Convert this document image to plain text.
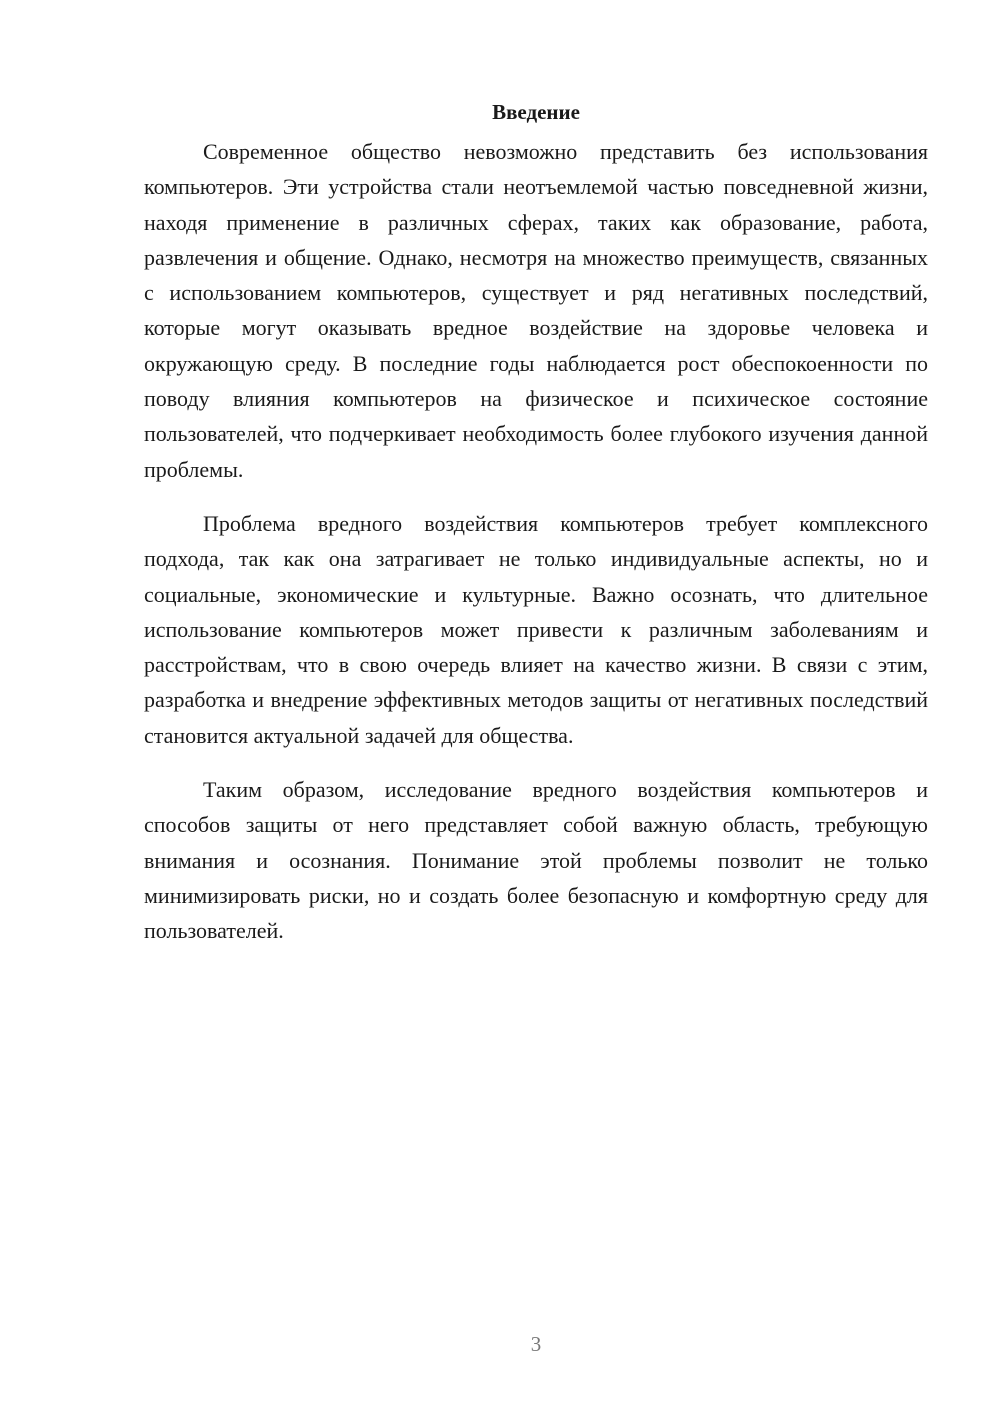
Введение

Современное общество невозможно представить без использования компьютеров. Эти устройства стали неотъемлемой частью повседневной жизни, находя применение в различных сферах, таких как образование, работа, развлечения и общение. Однако, несмотря на множество преимуществ, связанных с использованием компьютеров, существует и ряд негативных последствий, которые могут оказывать вредное воздействие на здоровье человека и окружающую среду. В последние годы наблюдается рост обеспокоенности по поводу влияния компьютеров на физическое и психическое состояние пользователей, что подчеркивает необходимость более глубокого изучения данной проблемы.

Проблема вредного воздействия компьютеров требует комплексного подхода, так как она затрагивает не только индивидуальные аспекты, но и социальные, экономические и культурные. Важно осознать, что длительное использование компьютеров может привести к различным заболеваниям и расстройствам, что в свою очередь влияет на качество жизни. В связи с этим, разработка и внедрение эффективных методов защиты от негативных последствий становится актуальной задачей для общества.

Таким образом, исследование вредного воздействия компьютеров и способов защиты от него представляет собой важную область, требующую внимания и осознания. Понимание этой проблемы позволит не только минимизировать риски, но и создать более безопасную и комфортную среду для пользователей.

3
